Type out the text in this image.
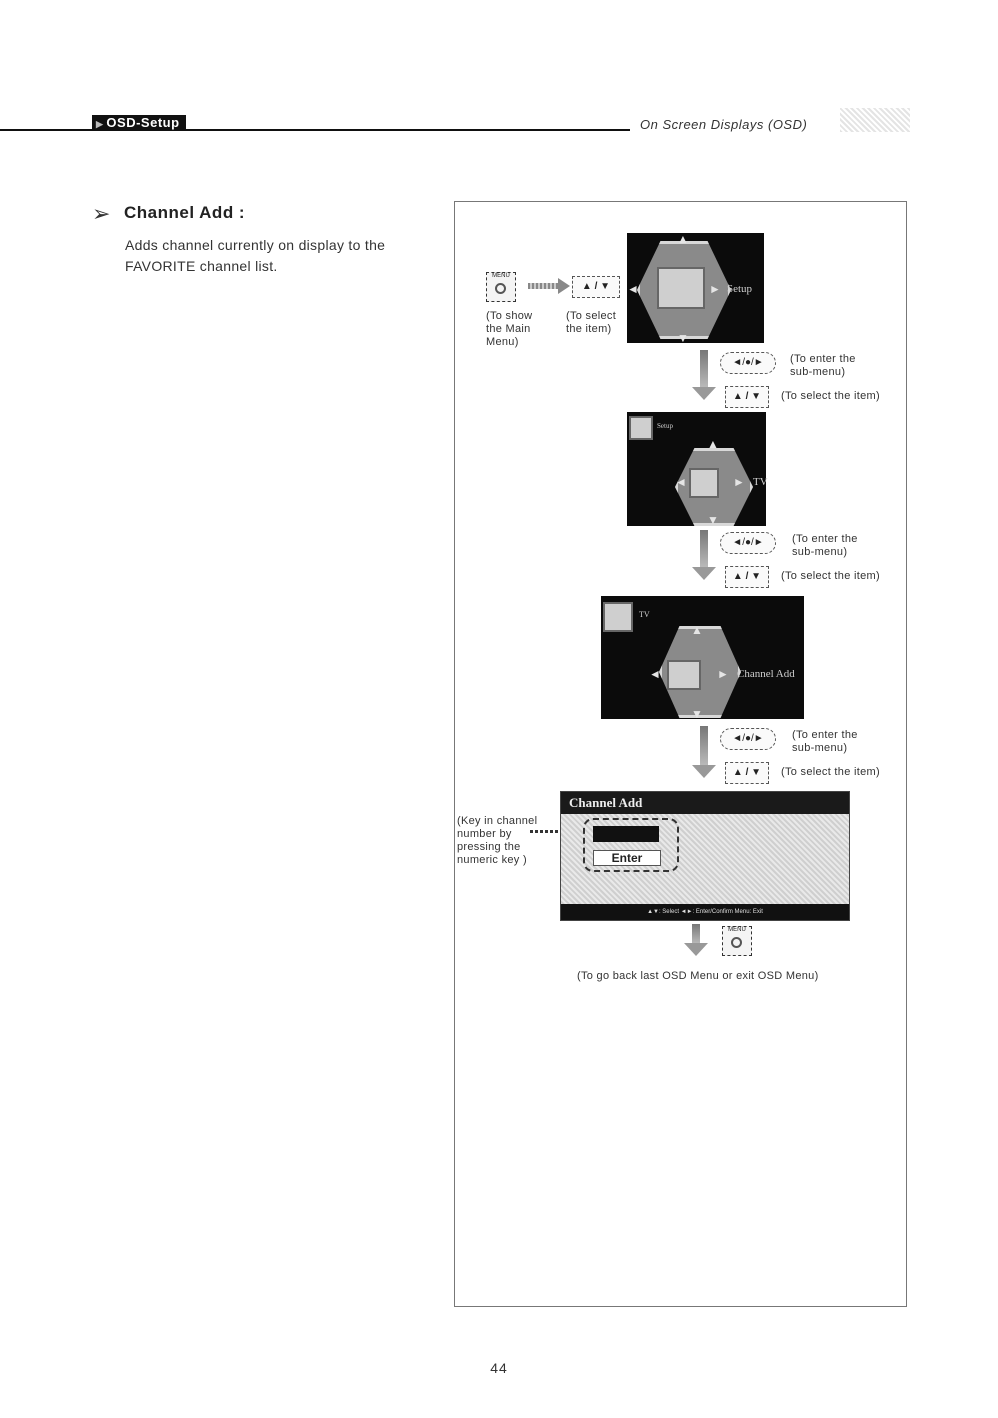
▶ OSD-Setup	On Screen Displays (OSD)
➢ Channel Add :
Adds channel currently on display to the FAVORITE channel list.
MENU
▲ / ▼
(To show
the Main
Menu)
(To select
the item)
▲
▼
◄	► Setup
◄/●/►	(To enter the
sub-menu)
▲ / ▼	(To select the item)
Setup
▲
▼
◄	► TV
◄/●/►	(To enter the
sub-menu)
▲ / ▼	(To select the item)
TV
▲
▼
◄	► Channel Add
◄/●/►	(To enter the
sub-menu)
▲ / ▼	(To select the item)
Channel Add
Enter
▲▼: Select ◄►: Enter/Confirm Menu: Exit
(Key in channel
number by
pressing the
numeric key )
MENU
(To go back last OSD Menu or exit OSD Menu)
44
